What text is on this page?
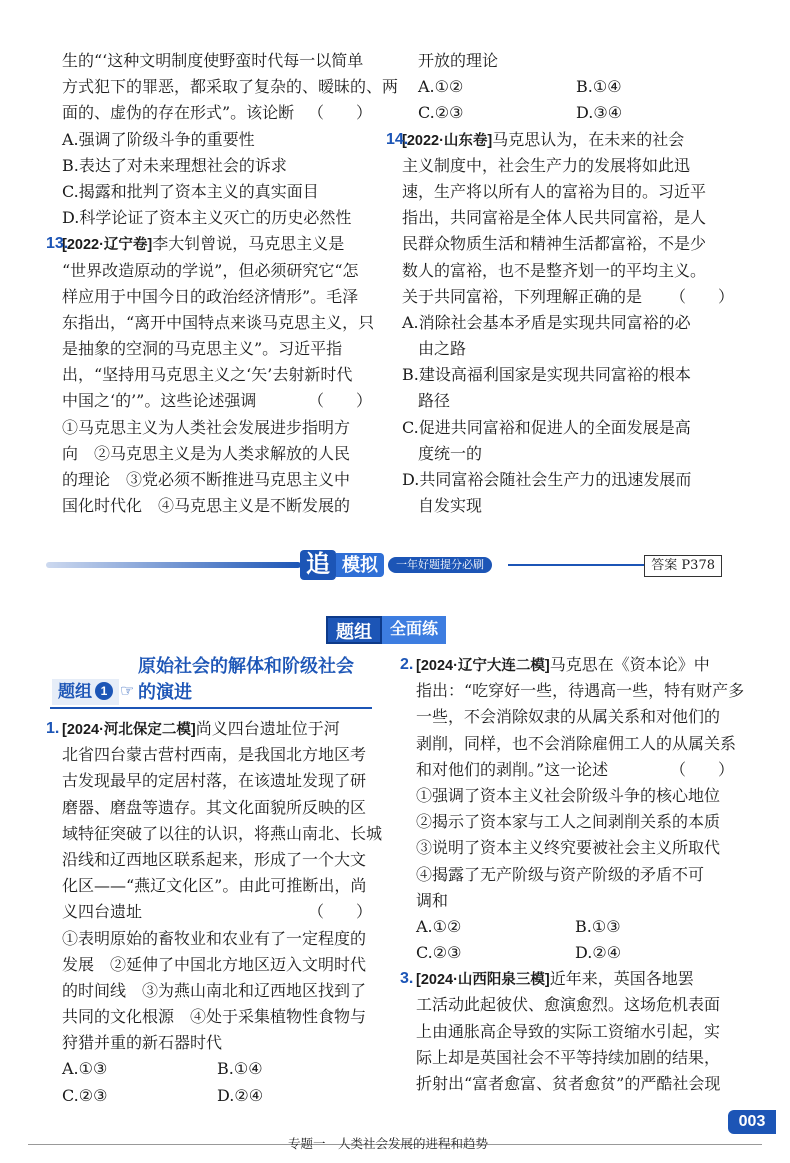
生的“‘这种文明制度使野蛮时代每一以简单
方式犯下的罪恶，都采取了复杂的、暧昧的、两
面的、虚伪的存在形式”。该论断 （　　）
A.强调了阶级斗争的重要性
B.表达了对未来理想社会的诉求
C.揭露和批判了资本主义的真实面目
D.科学论证了资本主义灭亡的历史必然性
13.
[2022·辽宁卷]李大钊曾说，马克思主义是
“世界改造原动的学说”，但必须研究它“怎
样应用于中国今日的政治经济情形”。毛泽
东指出，“离开中国特点来谈马克思主义，只
是抽象的空洞的马克思主义”。习近平指
出，“坚持用马克思主义之‘矢’去射新时代
中国之‘的’”。这些论述强调	（　　）
①马克思主义为人类社会发展进步指明方
向　②马克思主义是为人类求解放的人民
的理论　③党必须不断推进马克思主义中
国化时代化　④马克思主义是不断发展的
开放的理论
A.①②	B.①④
C.②③	D.③④
14.
[2022·山东卷]马克思认为，在未来的社会
主义制度中，社会生产力的发展将如此迅
速，生产将以所有人的富裕为目的。习近平
指出，共同富裕是全体人民共同富裕，是人
民群众物质生活和精神生活都富裕，不是少
数人的富裕，也不是整齐划一的平均主义。
关于共同富裕，下列理解正确的是 （　　）
A.消除社会基本矛盾是实现共同富裕的必
由之路
B.建设高福利国家是实现共同富裕的根本
路径
C.促进共同富裕和促进人的全面发展是高
度统一的
D.共同富裕会随社会生产力的迅速发展而
自发实现
追 模拟	一年好题提分必刷	答案 P378
题组	全面练
原始社会的解体和阶级社会
的演进
题组 1 ☞
1. [2024·河北保定二模]尚义四台遗址位于河
北省四台蒙古营村西南，是我国北方地区考
古发现最早的定居村落，在该遗址发现了研
磨器、磨盘等遗存。其文化面貌所反映的区
域特征突破了以往的认识，将燕山南北、长城
沿线和辽西地区联系起来，形成了一个大文
化区——“燕辽文化区”。由此可推断出，尚
义四台遗址	（　　）
①表明原始的畜牧业和农业有了一定程度的
发展　②延伸了中国北方地区迈入文明时代
的时间线　③为燕山南北和辽西地区找到了
共同的文化根源　④处于采集植物性食物与
狩猎并重的新石器时代
A.①③	B.①④
C.②③	D.②④
2. [2024·辽宁大连二模]马克思在《资本论》中
指出：“吃穿好一些，待遇高一些，特有财产多
一些，不会消除奴隶的从属关系和对他们的
剥削，同样，也不会消除雇佣工人的从属关系
和对他们的剥削。”这一论述	（　　）
①强调了资本主义社会阶级斗争的核心地位
②揭示了资本家与工人之间剥削关系的本质
③说明了资本主义终究要被社会主义所取代
④揭露了无产阶级与资产阶级的矛盾不可
调和
A.①②	B.①③
C.②③	D.②④
3. [2024·山西阳泉三模]近年来，英国各地罢
工活动此起彼伏、愈演愈烈。这场危机表面
上由通胀高企导致的实际工资缩水引起，实
际上却是英国社会不平等持续加剧的结果，
折射出“富者愈富、贫者愈贫”的严酷社会现
专题一　人类社会发展的进程和趋势
003
